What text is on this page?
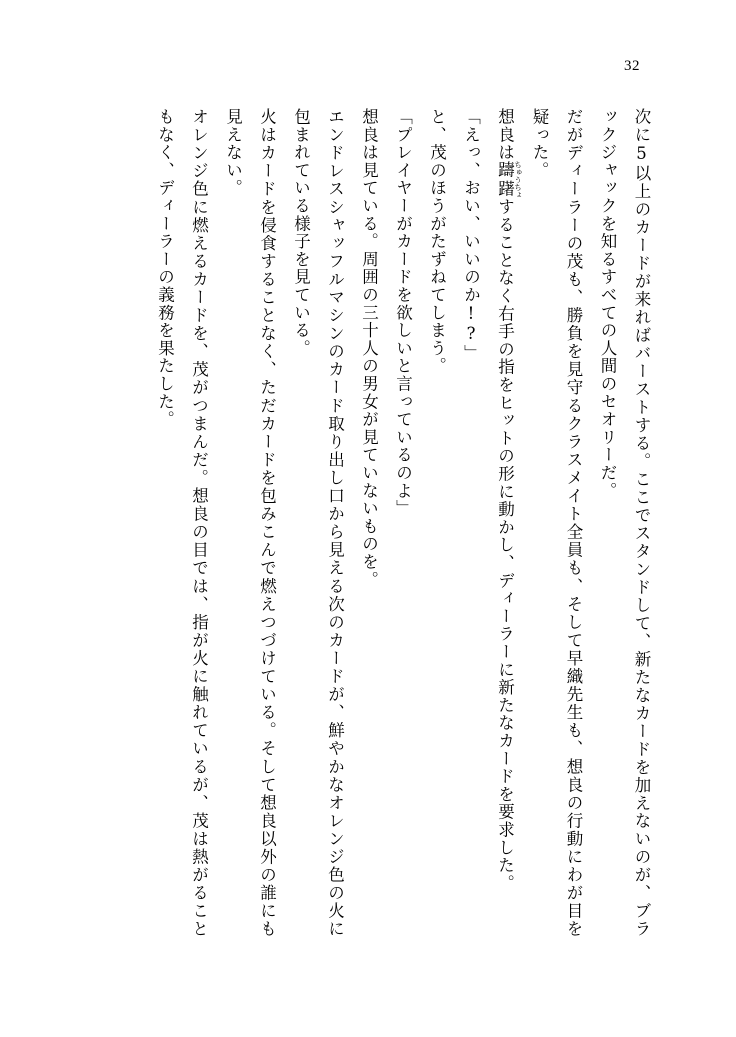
32
次に5以上のカードが来ればバーストする。ここでスタンドして、新たなカードを加えないのが、ブラックジャックを知るすべての人間のセオリーだ。
だがディーラーの茂も、勝負を見守るクラスメイト全員も、そして早織先生も、想良の行動にわが目を疑った。
想良は躊躇 ちゅうちょすることなく右手の指をヒットの形に動かし、ディーラーに新たなカードを要求した。
「えっ、おい、いいのか!?」
と、茂のほうがたずねてしまう。
「プレイヤーがカードを欲しいと言っているのよ」
想良は見ている。周囲の三十人の男女が見ていないものを。
エンドレスシャッフルマシンのカード取り出し口から見える次のカードが、鮮やかなオレンジ色の火に包まれている様子を見ている。
火はカードを侵食することなく、ただカードを包みこんで燃えつづけている。そして想良以外の誰にも見えない。
オレンジ色に燃えるカードを、茂がつまんだ。想良の目では、指が火に触れているが、茂は熱がることもなく、ディーラーの義務を果たした。
